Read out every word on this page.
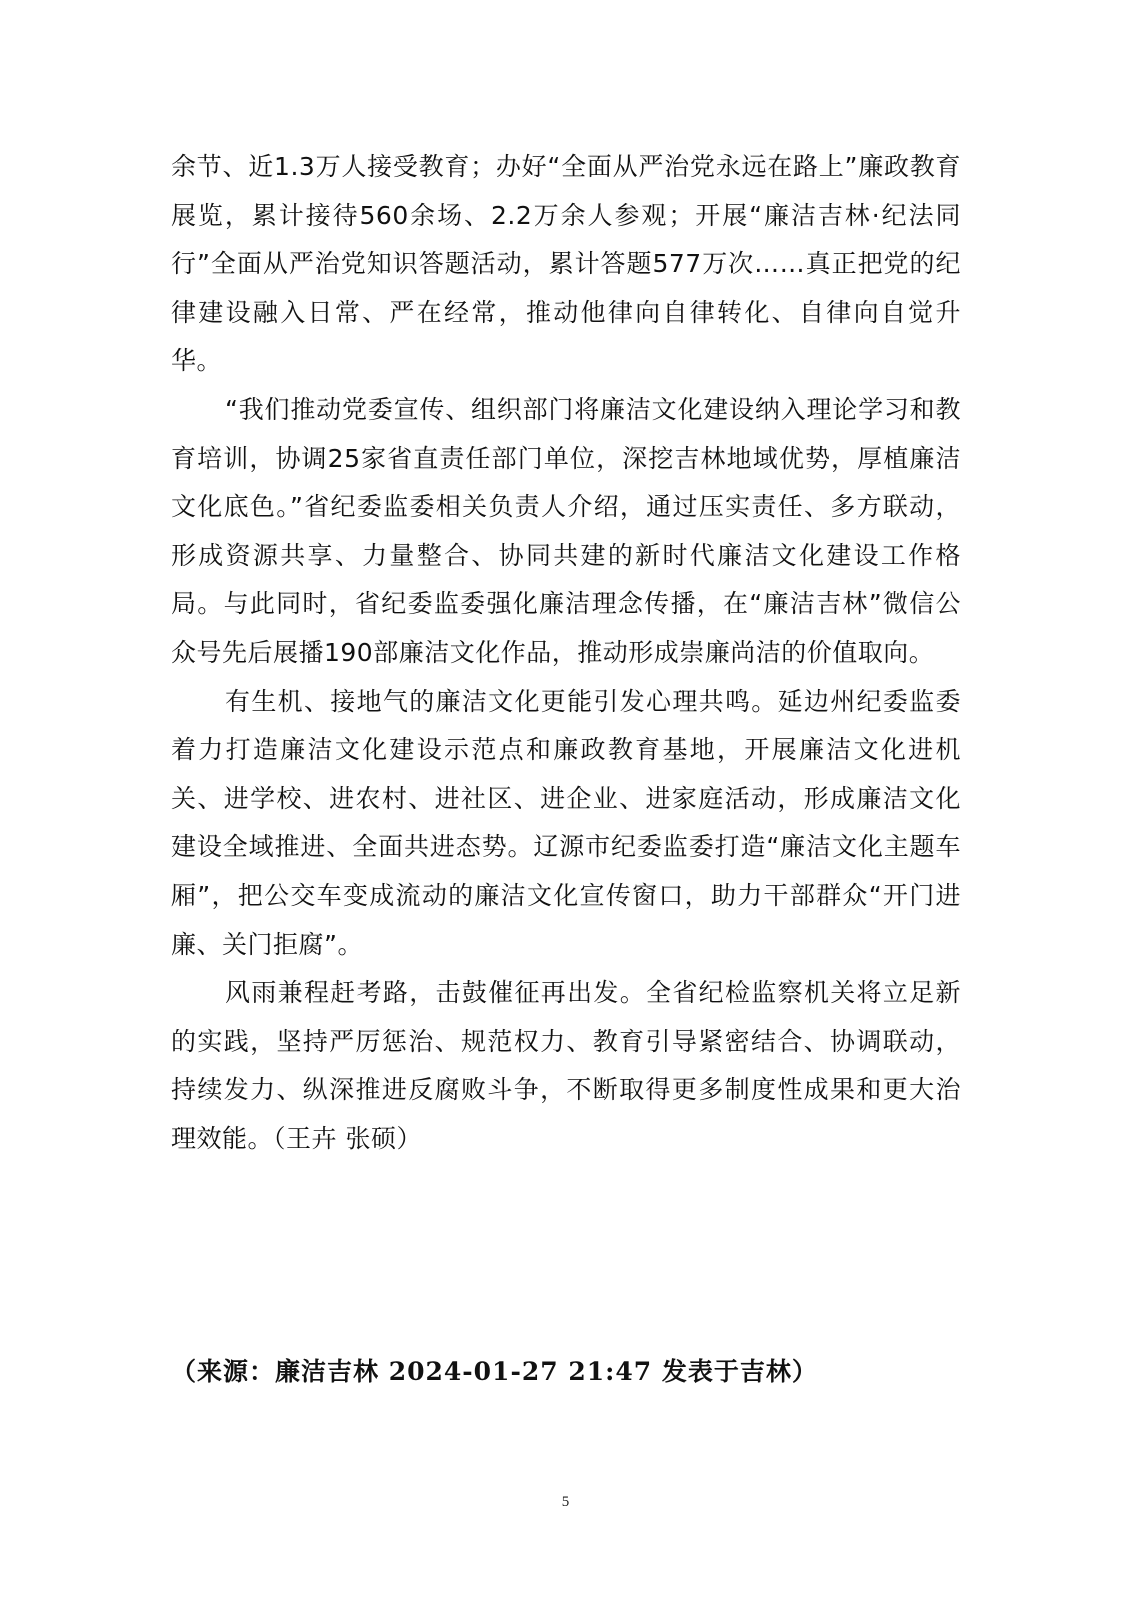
余节、近1.3万人接受教育；办好“全面从严治党永远在路上”廉政教育展览，累计接待560余场、2.2万余人参观；开展“廉洁吉林·纪法同行”全面从严治党知识答题活动，累计答题577万次……真正把党的纪律建设融入日常、严在经常，推动他律向自律转化、自律向自觉升华。

“我们推动党委宣传、组织部门将廉洁文化建设纳入理论学习和教育培训，协调25家省直责任部门单位，深挖吉林地域优势，厚植廉洁文化底色。”省纪委监委相关负责人介绍，通过压实责任、多方联动，形成资源共享、力量整合、协同共建的新时代廉洁文化建设工作格局。与此同时，省纪委监委强化廉洁理念传播，在“廉洁吉林”微信公众号先后展播190部廉洁文化作品，推动形成崇廉尚洁的价值取向。

有生机、接地气的廉洁文化更能引发心理共鸣。延边州纪委监委着力打造廉洁文化建设示范点和廉政教育基地，开展廉洁文化进机关、进学校、进农村、进社区、进企业、进家庭活动，形成廉洁文化建设全域推进、全面共进态势。辽源市纪委监委打造“廉洁文化主题车厢”，把公交车变成流动的廉洁文化宣传窗口，助力干部群众“开门进廉、关门拒腐”。

风雨兼程赶考路，击鼓催征再出发。全省纪检监察机关将立足新的实践，坚持严厉惩治、规范权力、教育引导紧密结合、协调联动，持续发力、纵深推进反腐败斗争，不断取得更多制度性成果和更大治理效能。（王卉 张硕）

（来源：廉洁吉林 2024-01-27 21:47 发表于吉林）
5
